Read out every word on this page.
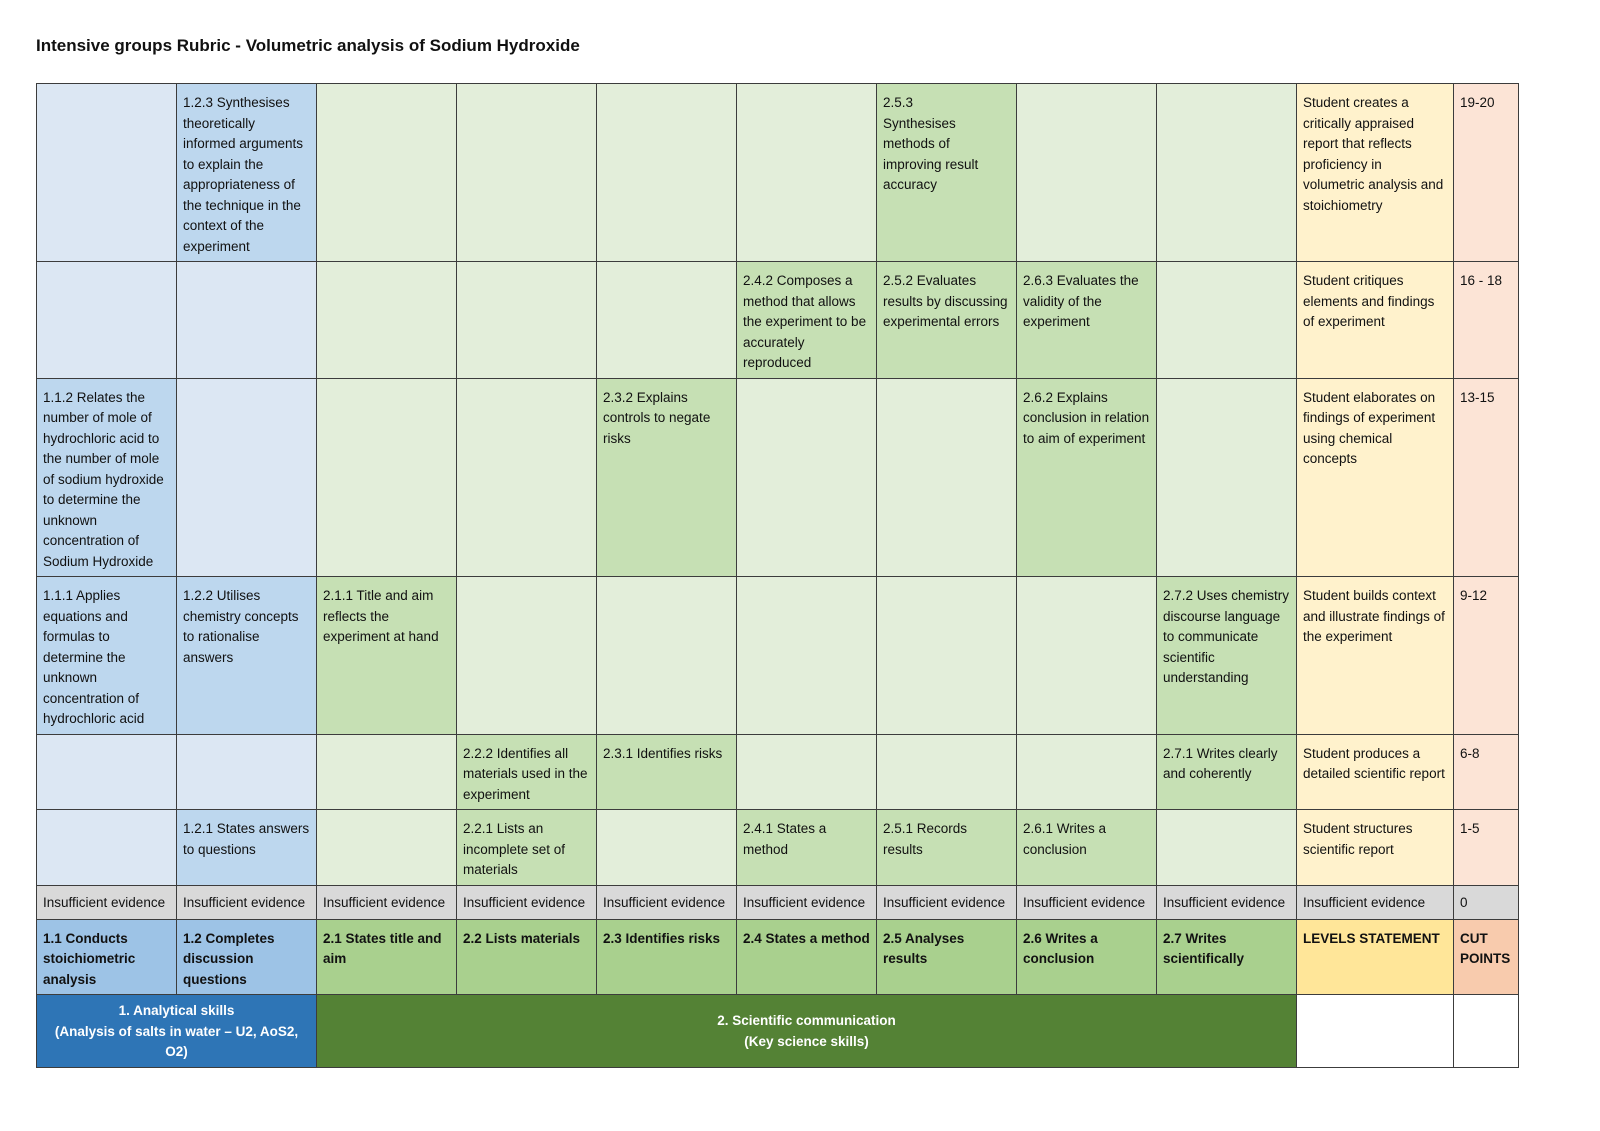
Intensive groups Rubric - Volumetric analysis of Sodium Hydroxide
	1.2.3 Synthesises theoretically informed arguments to explain the appropriateness of the technique in the context of the experiment					2.5.3
Synthesises methods of improving result accuracy			Student creates a critically appraised report that reflects proficiency in volumetric analysis and stoichiometry	19-20
					2.4.2 Composes a method that allows the experiment to be accurately reproduced	2.5.2 Evaluates results by discussing experimental errors	2.6.3 Evaluates the validity of the experiment		Student critiques elements and findings of experiment	16 - 18
1.1.2 Relates the number of mole of hydrochloric acid to the number of mole of sodium hydroxide to determine the unknown concentration of Sodium Hydroxide				2.3.2 Explains controls to negate risks			2.6.2 Explains conclusion in relation to aim of experiment		Student elaborates on findings of experiment using chemical concepts	13-15
1.1.1 Applies equations and formulas to determine the unknown concentration of hydrochloric acid	1.2.2 Utilises chemistry concepts to rationalise answers	2.1.1 Title and aim reflects the experiment at hand						2.7.2 Uses chemistry discourse language to communicate scientific understanding	Student builds context and illustrate findings of the experiment	9-12
			2.2.2 Identifies all materials used in the experiment	2.3.1 Identifies risks				2.7.1 Writes clearly and coherently	Student produces a detailed scientific report	6-8
	1.2.1 States answers to questions		2.2.1 Lists an incomplete set of materials		2.4.1 States a method	2.5.1 Records results	2.6.1 Writes a conclusion		Student structures scientific report	1-5
Insufficient evidence	Insufficient evidence	Insufficient evidence	Insufficient evidence	Insufficient evidence	Insufficient evidence	Insufficient evidence	Insufficient evidence	Insufficient evidence	Insufficient evidence	0
1.1 Conducts stoichiometric analysis	1.2 Completes discussion questions	2.1 States title and aim	2.2 Lists materials	2.3 Identifies risks	2.4 States a method	2.5 Analyses results	2.6 Writes a conclusion	2.7 Writes scientifically	LEVELS STATEMENT	CUT POINTS

1. Analytical skills
(Analysis of salts in water – U2, AoS2, O2)		2. Scientific communication
(Key science skills)								
